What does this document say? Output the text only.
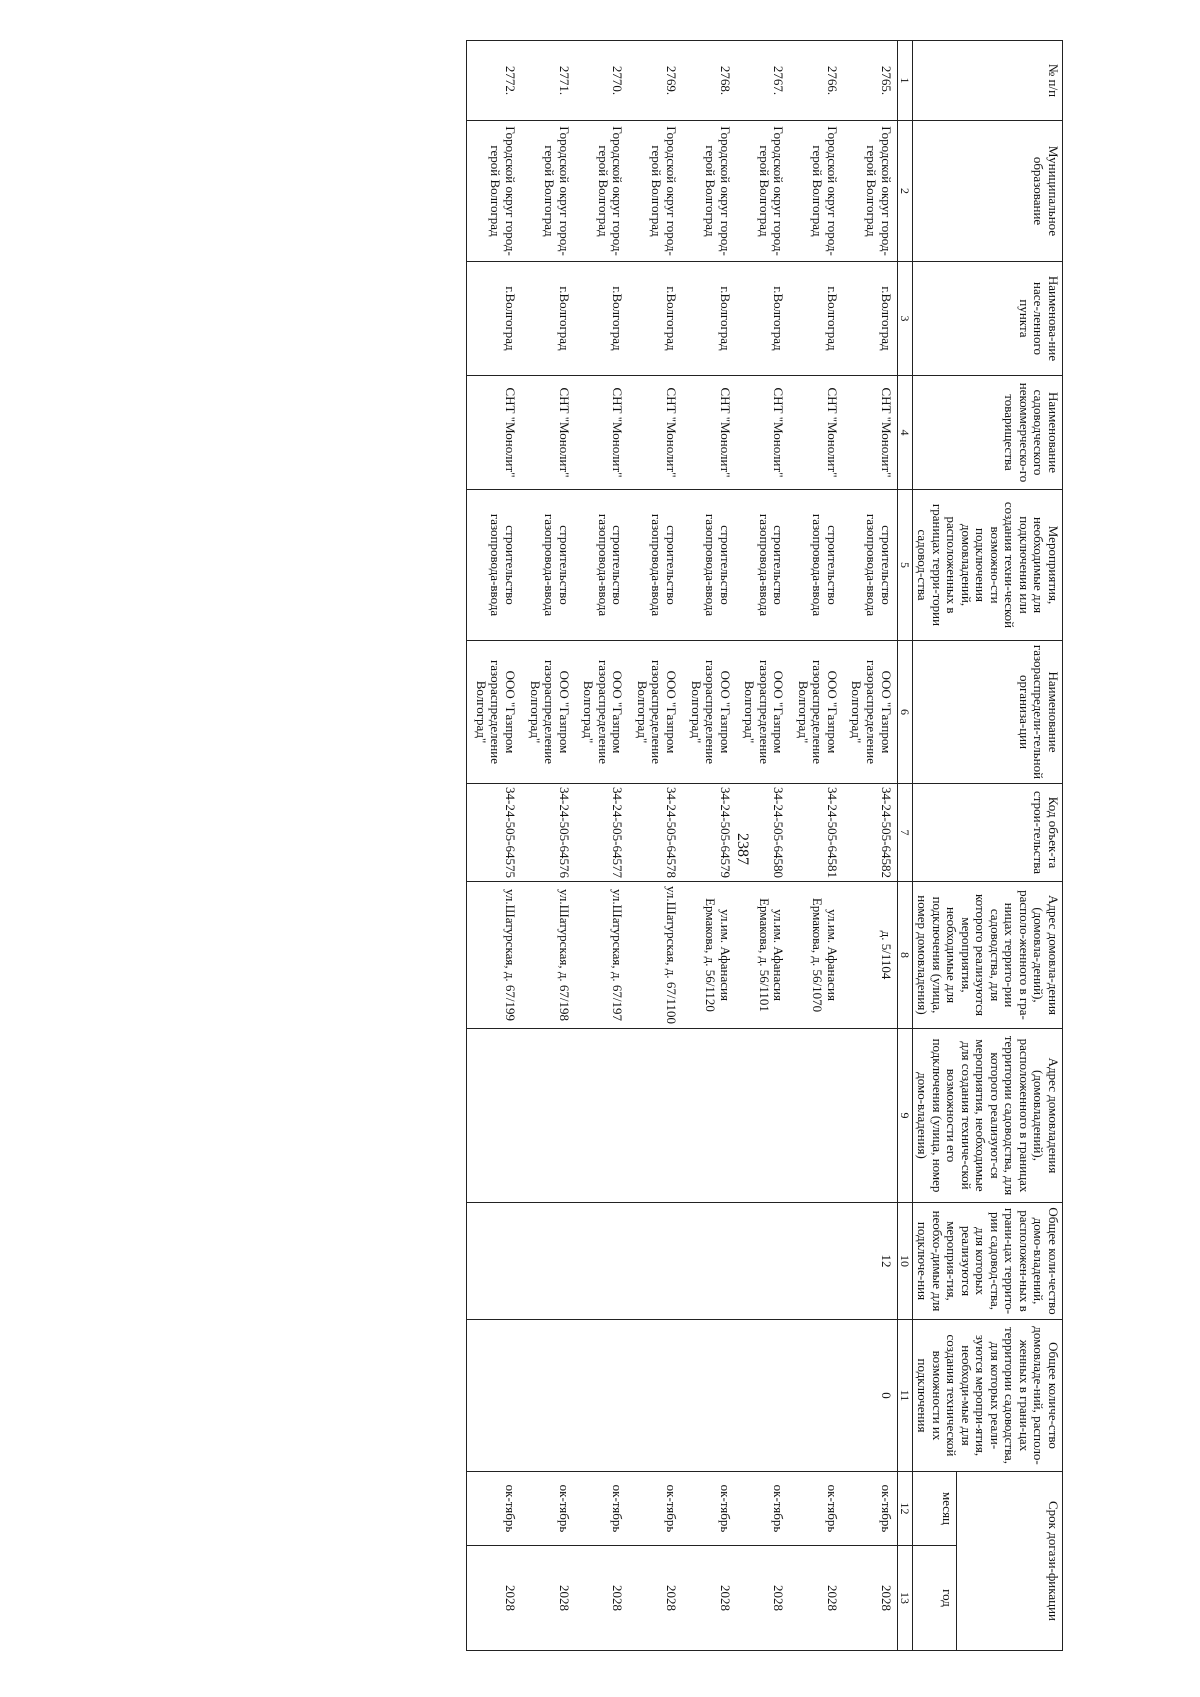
2387
№ п/п	Муниципальное образование	Наименова-ние насе-ленного пункта	Наименование садоводческого некоммерческо-го товарищества	Мероприятия, необходимые для подключения или создания техни-ческой возможно-сти подключения домовладений, расположенных в границах терри-тории садовод-ства	Наименование газораспредели-тельной организа-ции	Код объек-та строи-тельства	Адрес домовла-дения (домовла-дений), располо-женного в гра-ницах террито-рии садоводства, для которого реализуются мероприятия, необходимые для подключения (улица, номер домовладения)	Адрес домовладения (домовладений), расположенного в границах территории садоводства, для которого реализуют-ся мероприятия, необходимые для создания техниче-ской возможности его подключения (улица, номер домо-владения)	Общее коли-чество домо-владений, расположен-ных в грани-цах террито-рии садовод-ства, для которых реализуются мероприя-тия, необхо-димые для подключе-ния	Общее количе-ство домовладе-ний, располо-женных в грани-цах территории садоводства, для которых реали-зуются меропри-ятия, необходи-мые для создания технической возможности их подключения	Срок догази-фикации	
											месяц	год
1	2	3	4	5	6	7	8	9	10	11	12	13
2765.	Городской округ город-герой Волгоград	г.Волгоград	СНТ "Монолит"	строительство газопровода-ввода	ООО "Газпром газораспределение Волгоград"	34-24-505-64582	д. 5/1104		12	0	ок-тябрь	2028
2766.	Городской округ город-герой Волгоград	г.Волгоград	СНТ "Монолит"	строительство газопровода-ввода	ООО "Газпром газораспределение Волгоград"	34-24-505-64581	ул.им. Афанасия Ермакова, д. 56/1070				ок-тябрь	2028
2767.	Городской округ город-герой Волгоград	г.Волгоград	СНТ "Монолит"	строительство газопровода-ввода	ООО "Газпром газораспределение Волгоград"	34-24-505-64580	ул.им. Афанасия Ермакова, д. 56/1101				ок-тябрь	2028
2768.	Городской округ город-герой Волгоград	г.Волгоград	СНТ "Монолит"	строительство газопровода-ввода	ООО "Газпром газораспределение Волгоград"	34-24-505-64579	ул.им. Афанасия Ермакова, д. 56/1120				ок-тябрь	2028
2769.	Городской округ город-герой Волгоград	г.Волгоград	СНТ "Монолит"	строительство газопровода-ввода	ООО "Газпром газораспределение Волгоград"	34-24-505-64578	ул.Шатурская, д. 67/1100				ок-тябрь	2028
2770.	Городской округ город-герой Волгоград	г.Волгоград	СНТ "Монолит"	строительство газопровода-ввода	ООО "Газпром газораспределение Волгоград"	34-24-505-64577	ул.Шатурская, д. 67/197				ок-тябрь	2028
2771.	Городской округ город-герой Волгоград	г.Волгоград	СНТ "Монолит"	строительство газопровода-ввода	ООО "Газпром газораспределение Волгоград"	34-24-505-64576	ул.Шатурская, д. 67/198				ок-тябрь	2028
2772.	Городской округ город-герой Волгоград	г.Волгоград	СНТ "Монолит"	строительство газопровода-ввода	ООО "Газпром газораспределение Волгоград"	34-24-505-64575	ул.Шатурская, д. 67/199				ок-тябрь	2028
